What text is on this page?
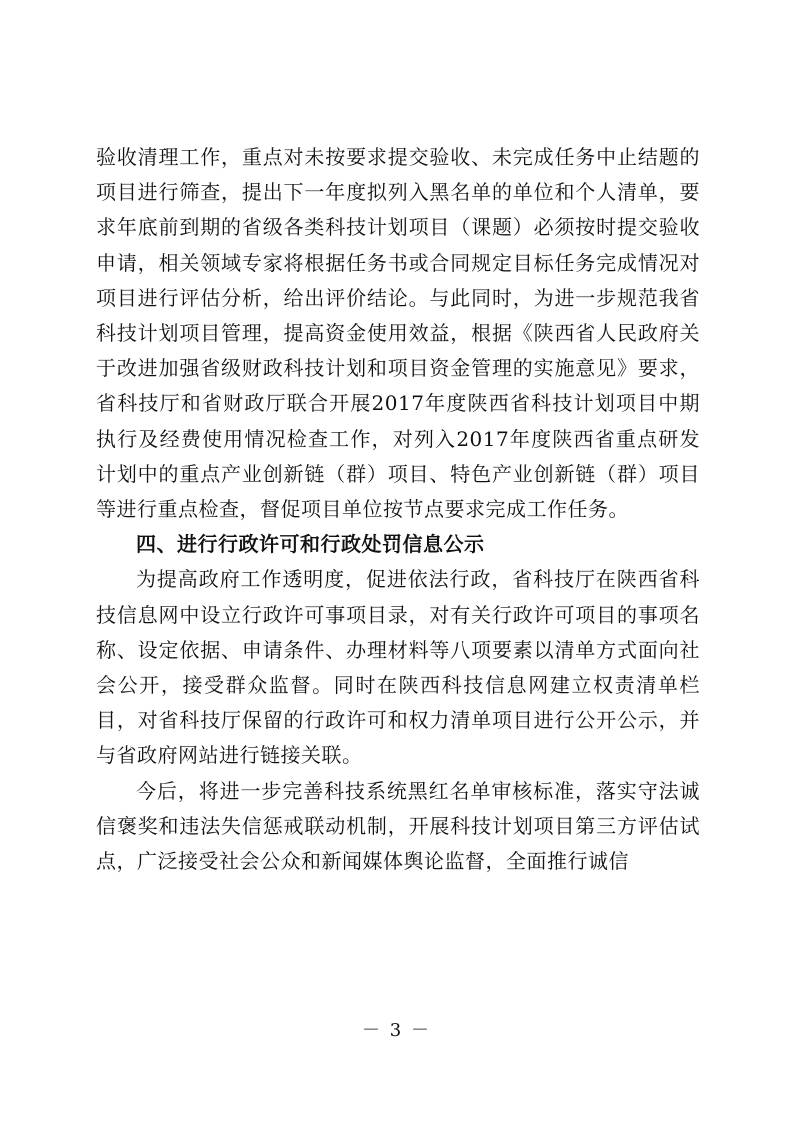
验收清理工作，重点对未按要求提交验收、未完成任务中止结题的项目进行筛查，提出下一年度拟列入黑名单的单位和个人清单，要求年底前到期的省级各类科技计划项目（课题）必须按时提交验收申请，相关领域专家将根据任务书或合同规定目标任务完成情况对项目进行评估分析，给出评价结论。与此同时，为进一步规范我省科技计划项目管理，提高资金使用效益，根据《陕西省人民政府关于改进加强省级财政科技计划和项目资金管理的实施意见》要求，省科技厅和省财政厅联合开展2017年度陕西省科技计划项目中期执行及经费使用情况检查工作，对列入2017年度陕西省重点研发计划中的重点产业创新链（群）项目、特色产业创新链（群）项目等进行重点检查，督促项目单位按节点要求完成工作任务。

四、进行行政许可和行政处罚信息公示

为提高政府工作透明度，促进依法行政，省科技厅在陕西省科技信息网中设立行政许可事项目录，对有关行政许可项目的事项名称、设定依据、申请条件、办理材料等八项要素以清单方式面向社会公开，接受群众监督。同时在陕西科技信息网建立权责清单栏目，对省科技厅保留的行政许可和权力清单项目进行公开公示，并与省政府网站进行链接关联。

今后，将进一步完善科技系统黑红名单审核标准，落实守法诚信褒奖和违法失信惩戒联动机制，开展科技计划项目第三方评估试点，广泛接受社会公众和新闻媒体舆论监督，全面推行诚信

－ 3 －
